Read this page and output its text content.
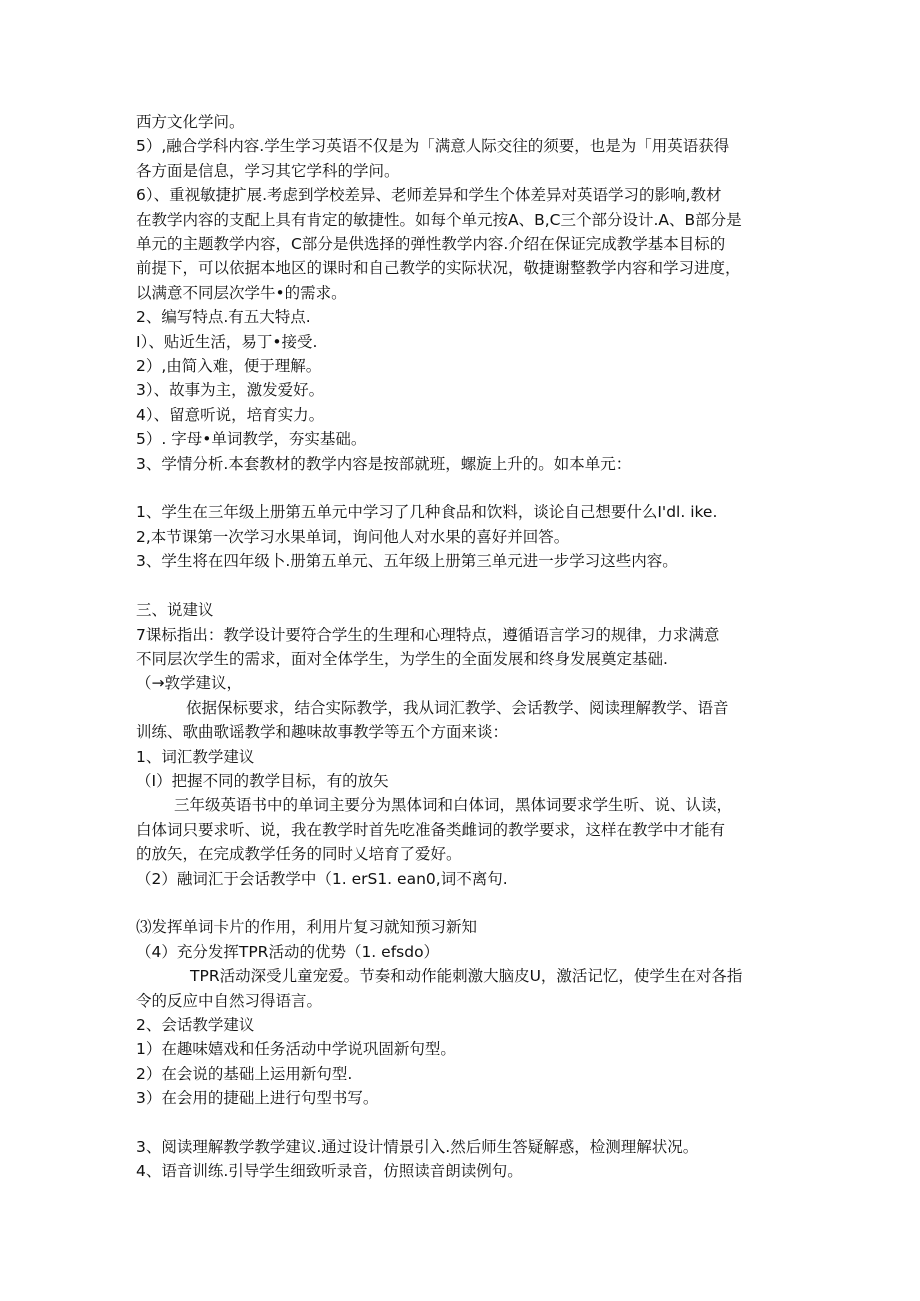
西方文化学问。

5）,融合学科内容.学生学习英语不仅是为「满意人际交往的须要，也是为「用英语获得

各方面是信息，学习其它学科的学问。

6）、重视敏捷扩展.考虑到学校差异、老师差异和学生个体差异对英语学习的影响,教材

在教学内容的支配上具有肯定的敏捷性。如每个单元按A、B,C三个部分设计.A、B部分是

单元的主题教学内容，C部分是供选择的弹性教学内容.介绍在保证完成教学基本目标的

前提下，可以依据本地区的课时和自己教学的实际状况，敬捷谢整教学内容和学习进度，

以满意不同层次学牛•的需求。

2、编写特点.有五大特点.

I）、贴近生活，易丁•接受.

2）,由简入难，便于理解。

3）、故事为主，激发爱好。

4）、留意听说，培育实力。

5）. 字母•单词教学，夯实基础。

3、学情分析.本套教材的教学内容是按部就班，螺旋上升的。如本单元：

1、学生在三年级上册第五单元中学习了几种食品和饮料，谈论自己想要什么I'dl. ike.

2,本节课第一次学习水果单词，询问他人对水果的喜好并回答。

3、学生将在四年级卜.册第五单元、五年级上册第三单元进一步学习这些内容。

三、说建议

7课标指出：教学设计要符合学生的生理和心理特点，遵循语言学习的规律，力求满意

不同层次学生的需求，面对全体学生，为学生的全面发展和终身发展奠定基础.

（→敦学建议，

依据保标要求，结合实际教学，我从词汇教学、会话教学、阅读理解教学、语音

训练、歌曲歌谣教学和趣味故事教学等五个方面来谈：

1、词汇教学建议

（I）把握不同的教学目标，有的放矢

三年级英语书中的单词主要分为黑体词和白体词，黑体词要求学生听、说、认读，

白体词只要求听、说，我在教学时首先吃准备类雌词的教学要求，这样在教学中才能有

的放矢，在完成教学任务的同时乂培育了爱好。

（2）融词汇于会话教学中（1. erS1. ean0,词不离句.

⑶发挥单词卡片的作用，利用片复习就知预习新知

（4）充分发挥TPR活动的优势（1. efsdo）

TPR活动深受儿童宠爱。节奏和动作能刺激大脑皮U，激活记忆，使学生在对各指

令的反应中自然习得语言。

2、会话教学建议

1）在趣味嬉戏和任务活动中学说巩固新句型。

2）在会说的基础上运用新句型.

3）在会用的捷础上进行句型书写。

3、阅读理解教学教学建议.通过设计情景引入.然后师生答疑解惑，检测理解状况。

4、语音训练.引导学生细致听录音，仿照读音朗读例句。
